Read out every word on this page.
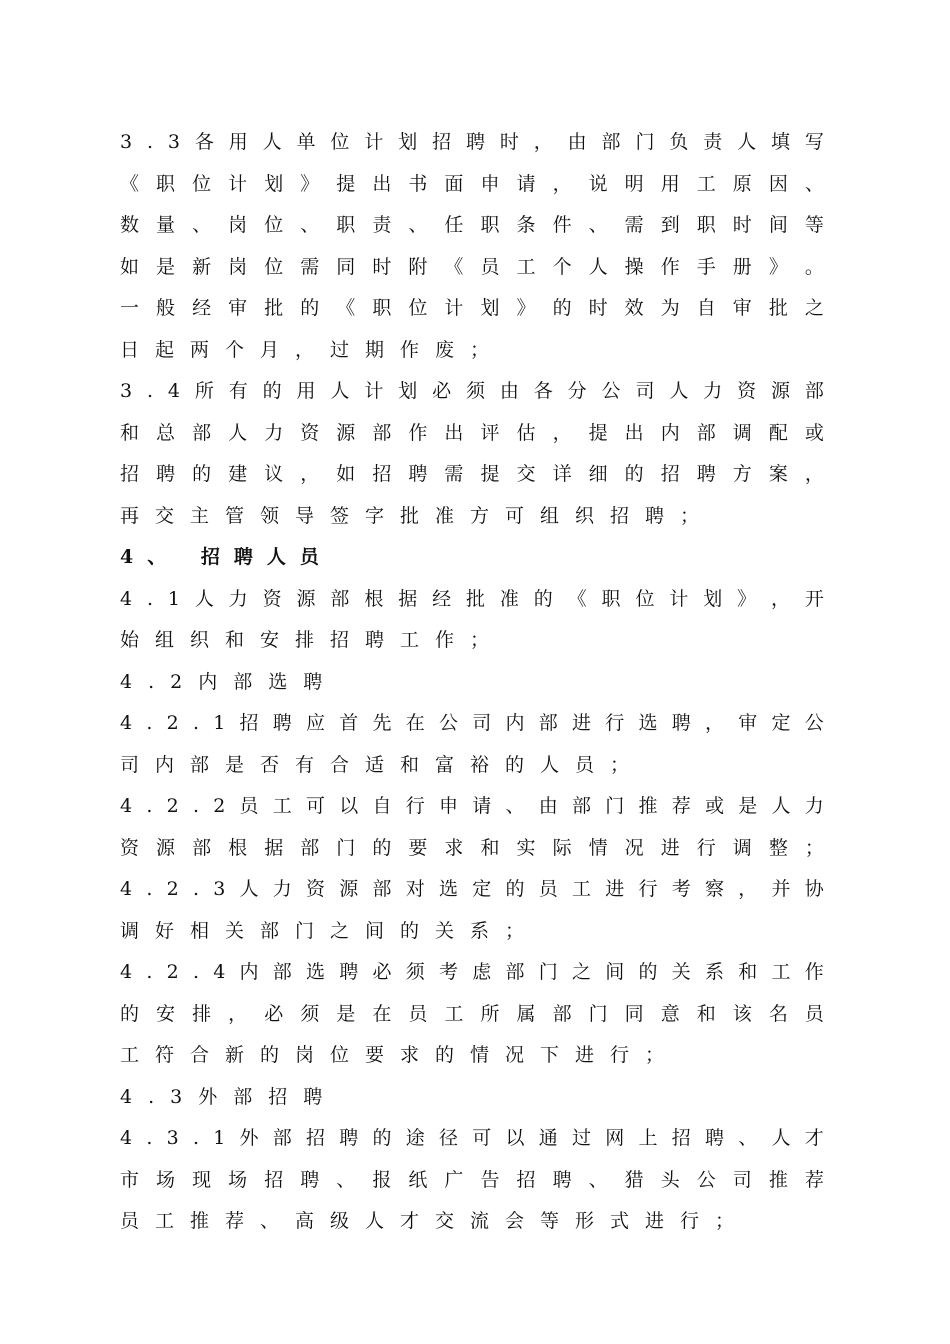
3 . 3 各 用 人 单 位 计 划 招 聘 时 ， 由 部 门 负 责 人 填 写
《 职 位 计 划 》 提 出 书 面 申 请 ， 说 明 用 工 原 因 、
数 量 、 岗 位 、 职 责 、 任 职 条 件 、 需 到 职 时 间 等
如 是 新 岗 位 需 同 时 附 《 员 工 个 人 操 作 手 册 》 。
一 般 经 审 批 的 《 职 位 计 划 》 的 时 效 为 自 审 批 之
日起两个月，过期作废；
3 . 4 所 有 的 用 人 计 划 必 须 由 各 分 公 司 人 力 资 源 部
和 总 部 人 力 资 源 部 作 出 评 估 ， 提 出 内 部 调 配 或
招 聘 的 建 议 ， 如 招 聘 需 提 交 详 细 的 招 聘 方 案 ，
再交主管领导签字批准方可组织招聘；
4、 招聘人员
4 . 1 人 力 资 源 部 根 据 经 批 准 的 《 职 位 计 划 》 ， 开
始组织和安排招聘工作；
4.2内部选聘
4 . 2 . 1 招 聘 应 首 先 在 公 司 内 部 进 行 选 聘 ， 审 定 公
司内部是否有合适和富裕的人员；
4 . 2 . 2 员 工 可 以 自 行 申 请 、 由 部 门 推 荐 或 是 人 力
资 源 部 根 据 部 门 的 要 求 和 实 际 情 况 进 行 调 整 ；
4 . 2 . 3 人 力 资 源 部 对 选 定 的 员 工 进 行 考 察 ， 并 协
调好相关部门之间的关系；
4 . 2 . 4 内 部 选 聘 必 须 考 虑 部 门 之 间 的 关 系 和 工 作
的 安 排 ， 必 须 是 在 员 工 所 属 部 门 同 意 和 该 名 员
工符合新的岗位要求的情况下进行；
4.3外部招聘
4 . 3 . 1 外 部 招 聘 的 途 径 可 以 通 过 网 上 招 聘 、 人 才
市 场 现 场 招 聘 、 报 纸 广 告 招 聘 、 猎 头 公 司 推 荐
员工推荐、高级人才交流会等形式进行；
